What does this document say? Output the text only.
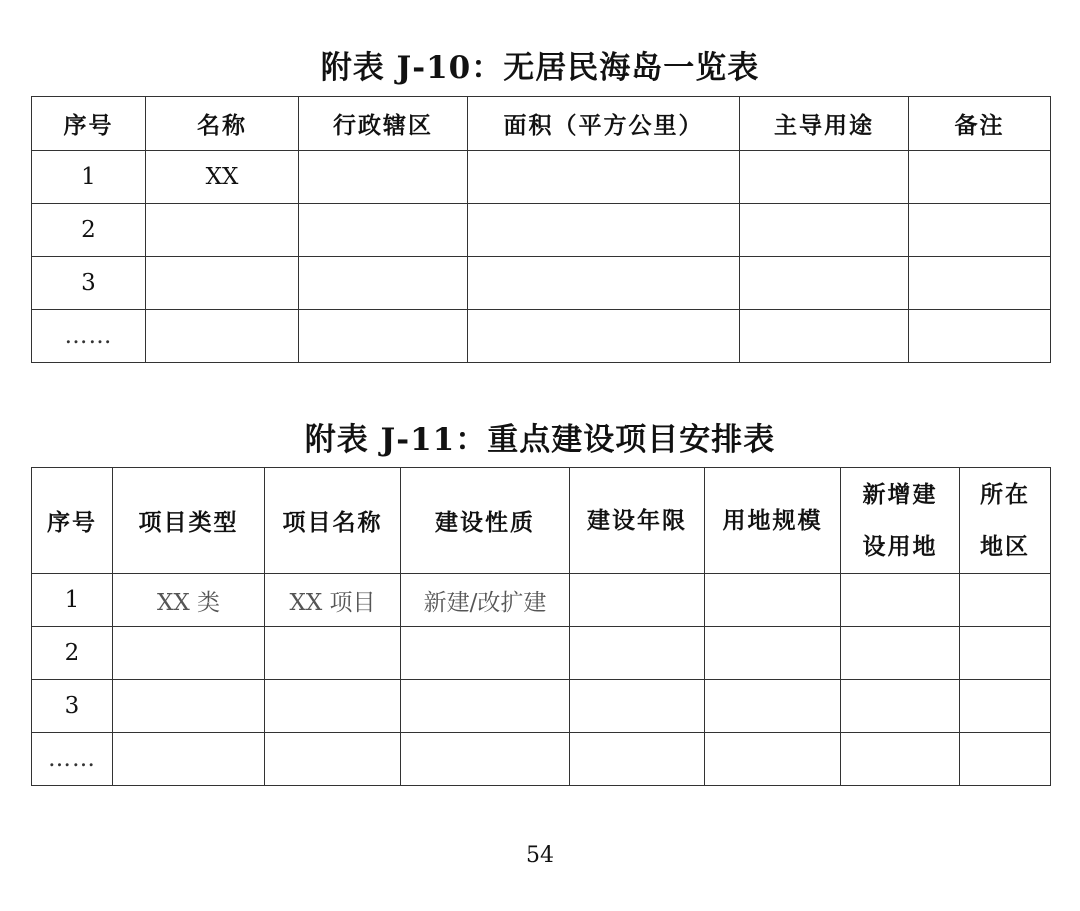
附表 J-10：无居民海岛一览表
序号	名称	行政辖区	面积（平方公里）	主导用途	备注
1	XX				
2					
3					
……					
附表 J-11：重点建设项目安排表
序号	项目类型	项目名称	建设性质	建设年限	用地规模	新增建设用地	所在地区
1	XX 类	XX 项目	新建/改扩建				
2							
3							
……							
54
